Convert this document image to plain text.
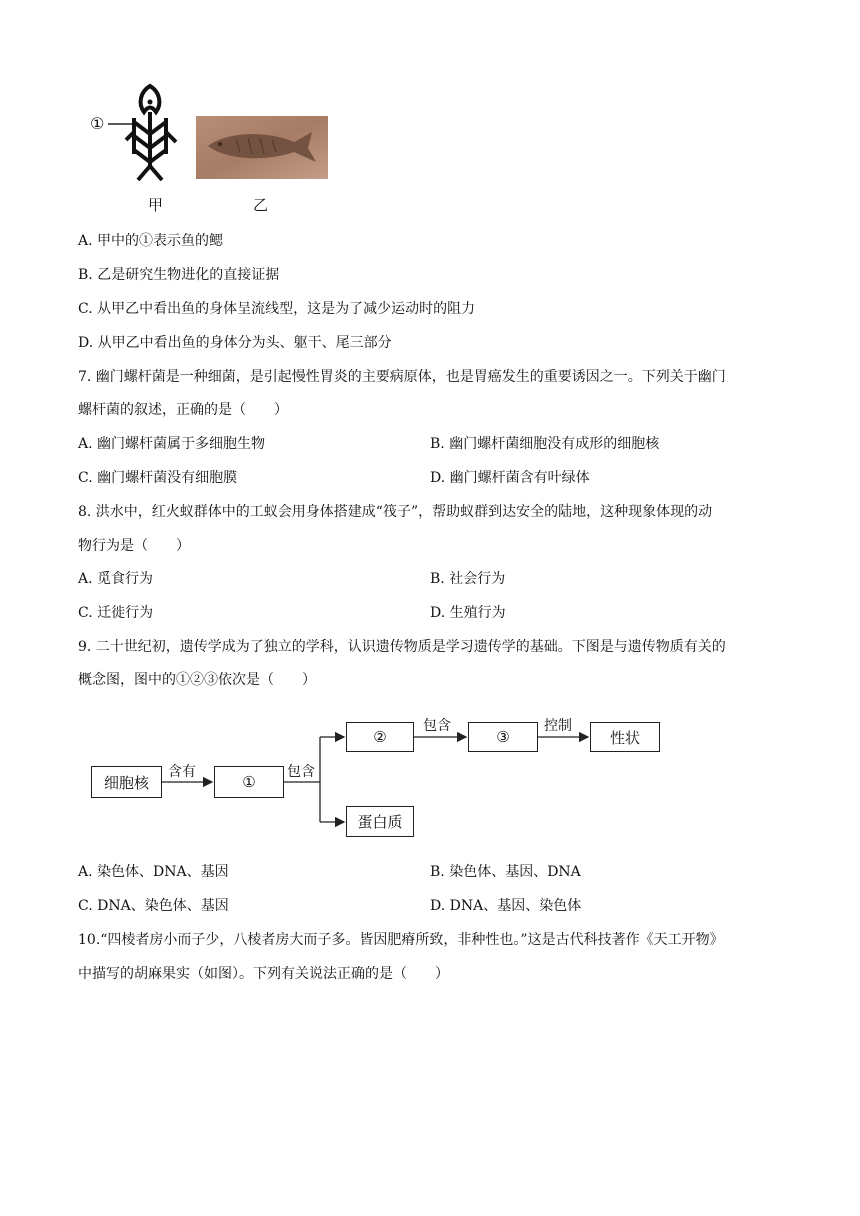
①
甲	乙
A. 甲中的①表示鱼的鳃
B. 乙是研究生物进化的直接证据
C. 从甲乙中看出鱼的身体呈流线型，这是为了减少运动时的阻力
D. 从甲乙中看出鱼的身体分为头、躯干、尾三部分
7. 幽门螺杆菌是一种细菌，是引起慢性胃炎的主要病原体，也是胃癌发生的重要诱因之一。下列关于幽门
螺杆菌的叙述，正确的是（　　）
A. 幽门螺杆菌属于多细胞生物	B. 幽门螺杆菌细胞没有成形的细胞核
C. 幽门螺杆菌没有细胞膜	D. 幽门螺杆菌含有叶绿体
8. 洪水中，红火蚁群体中的工蚁会用身体搭建成“筏子”，帮助蚁群到达安全的陆地，这种现象体现的动
物行为是（　　）
A. 觅食行为	B. 社会行为
C. 迁徙行为	D. 生殖行为
9. 二十世纪初，遗传学成为了独立的学科，认识遗传物质是学习遗传学的基础。下图是与遗传物质有关的
概念图，图中的①②③依次是（　　）
细胞核
含有
①
包含
②
包含
③
控制
性状
蛋白质
A. 染色体、DNA、基因	B. 染色体、基因、DNA
C. DNA、染色体、基因	D. DNA、基因、染色体
10.“四棱者房小而子少，八棱者房大而子多。皆因肥瘠所致，非种性也。”这是古代科技著作《天工开物》
中描写的胡麻果实（如图）。下列有关说法正确的是（　　）
